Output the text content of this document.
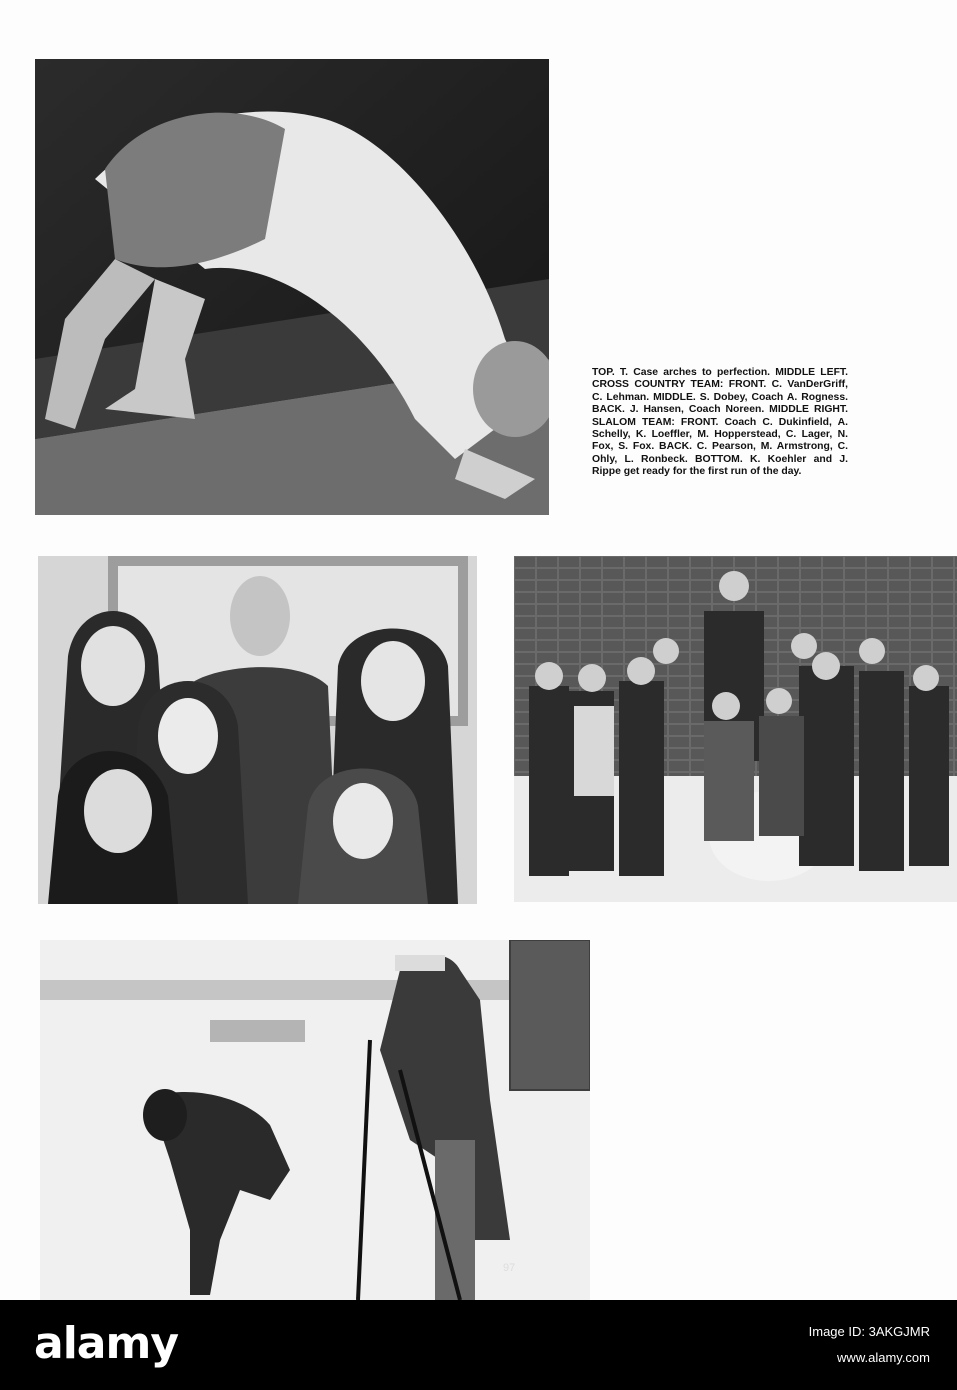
TOP. T. Case arches to perfection. MIDDLE LEFT. CROSS COUNTRY TEAM: FRONT. C. VanDerGriff, C. Lehman. MIDDLE. S. Dobey, Coach A. Rogness. BACK. J. Hansen, Coach Noreen. MIDDLE RIGHT. SLALOM TEAM: FRONT. Coach C. Dukinfield, A. Schelly, K. Loeffler, M. Hopperstead, C. Lager, N. Fox, S. Fox. BACK. C. Pearson, M. Armstrong, C. Ohly, L. Ronbeck. BOTTOM. K. Koehler and J. Rippe get ready for the first run of the day.
97
alamy	Image ID: 3AKGJMR
www.alamy.com
